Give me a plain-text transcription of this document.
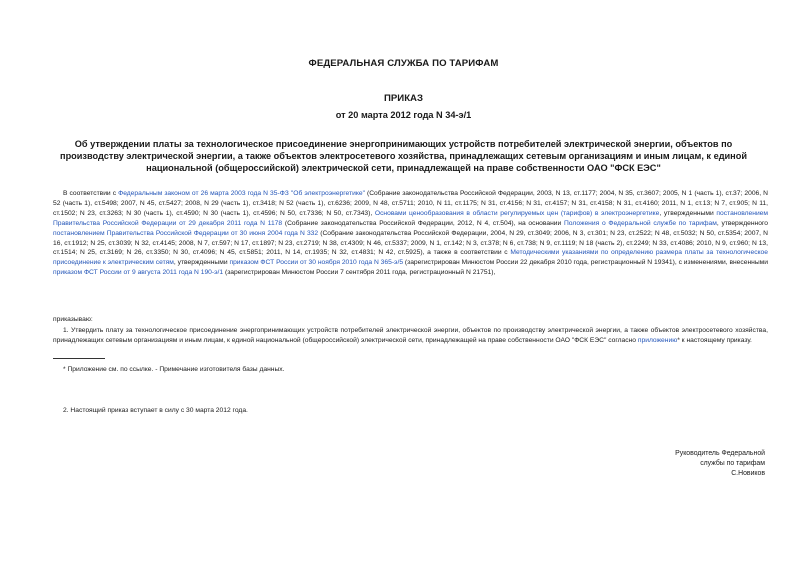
ФЕДЕРАЛЬНАЯ СЛУЖБА ПО ТАРИФАМ
ПРИКАЗ
от 20 марта 2012 года N 34-э/1
Об утверждении платы за технологическое присоединение энергопринимающих устройств потребителей электрической энергии, объектов по производству электрической энергии, а также объектов электросетевого хозяйства, принадлежащих сетевым организациям и иным лицам, к единой национальной (общероссийской) электрической сети, принадлежащей на праве собственности ОАО "ФСК ЕЭС"
В соответствии с Федеральным законом от 26 марта 2003 года N 35-ФЗ "Об электроэнергетике" (Собрание законодательства Российской Федерации, 2003, N 13, ст.1177; 2004, N 35, ст.3607; 2005, N 1 (часть 1), ст.37; 2006, N 52 (часть 1), ст.5498; 2007, N 45, ст.5427; 2008, N 29 (часть 1), ст.3418; N 52 (часть 1), ст.6236; 2009, N 48, ст.5711; 2010, N 11, ст.1175; N 31, ст.4156; N 31, ст.4157; N 31, ст.4158; N 31, ст.4160; 2011, N 1, ст.13; N 7, ст.905; N 11, ст.1502; N 23, ст.3263; N 30 (часть 1), ст.4590; N 30 (часть 1), ст.4596; N 50, ст.7336; N 50, ст.7343), Основами ценообразования в области регулируемых цен (тарифов) в электроэнергетике, утвержденными постановлением Правительства Российской Федерации от 29 декабря 2011 года N 1178 (Собрание законодательства Российской Федерации, 2012, N 4, ст.504), на основании Положения о Федеральной службе по тарифам, утвержденного постановлением Правительства Российской Федерации от 30 июня 2004 года N 332 (Собрание законодательства Российской Федерации, 2004, N 29, ст.3049; 2006, N 3, ст.301; N 23, ст.2522; N 48, ст.5032; N 50, ст.5354; 2007, N 16, ст.1912; N 25, ст.3039; N 32, ст.4145; 2008, N 7, ст.597; N 17, ст.1897; N 23, ст.2719; N 38, ст.4309; N 46, ст.5337; 2009, N 1, ст.142; N 3, ст.378; N 6, ст.738; N 9, ст.1119; N 18 (часть 2), ст.2249; N 33, ст.4086; 2010, N 9, ст.960; N 13, ст.1514; N 25, ст.3169; N 26, ст.3350; N 30, ст.4096; N 45, ст.5851; 2011, N 14, ст.1935; N 32, ст.4831; N 42, ст.5925), а также в соответствии с Методическими указаниями по определению размера платы за технологическое присоединение к электрическим сетям, утвержденными приказом ФСТ России от 30 ноября 2010 года N 365-э/5 (зарегистрирован Минюстом России 22 декабря 2010 года, регистрационный N 19341), с изменениями, внесенными приказом ФСТ России от 9 августа 2011 года N 190-э/1 (зарегистрирован Минюстом России 7 сентября 2011 года, регистрационный N 21751),
приказываю:
1. Утвердить плату за технологическое присоединение энергопринимающих устройств потребителей электрической энергии, объектов по производству электрической энергии, а также объектов электросетевого хозяйства, принадлежащих сетевым организациям и иным лицам, к единой национальной (общероссийской) электрической сети, принадлежащей на праве собственности ОАО "ФСК ЕЭС" согласно приложению* к настоящему приказу.
* Приложение см. по ссылке. - Примечание изготовителя базы данных.
2. Настоящий приказ вступает в силу с 30 марта 2012 года.
Руководитель Федеральной
службы по тарифам
С.Новиков
